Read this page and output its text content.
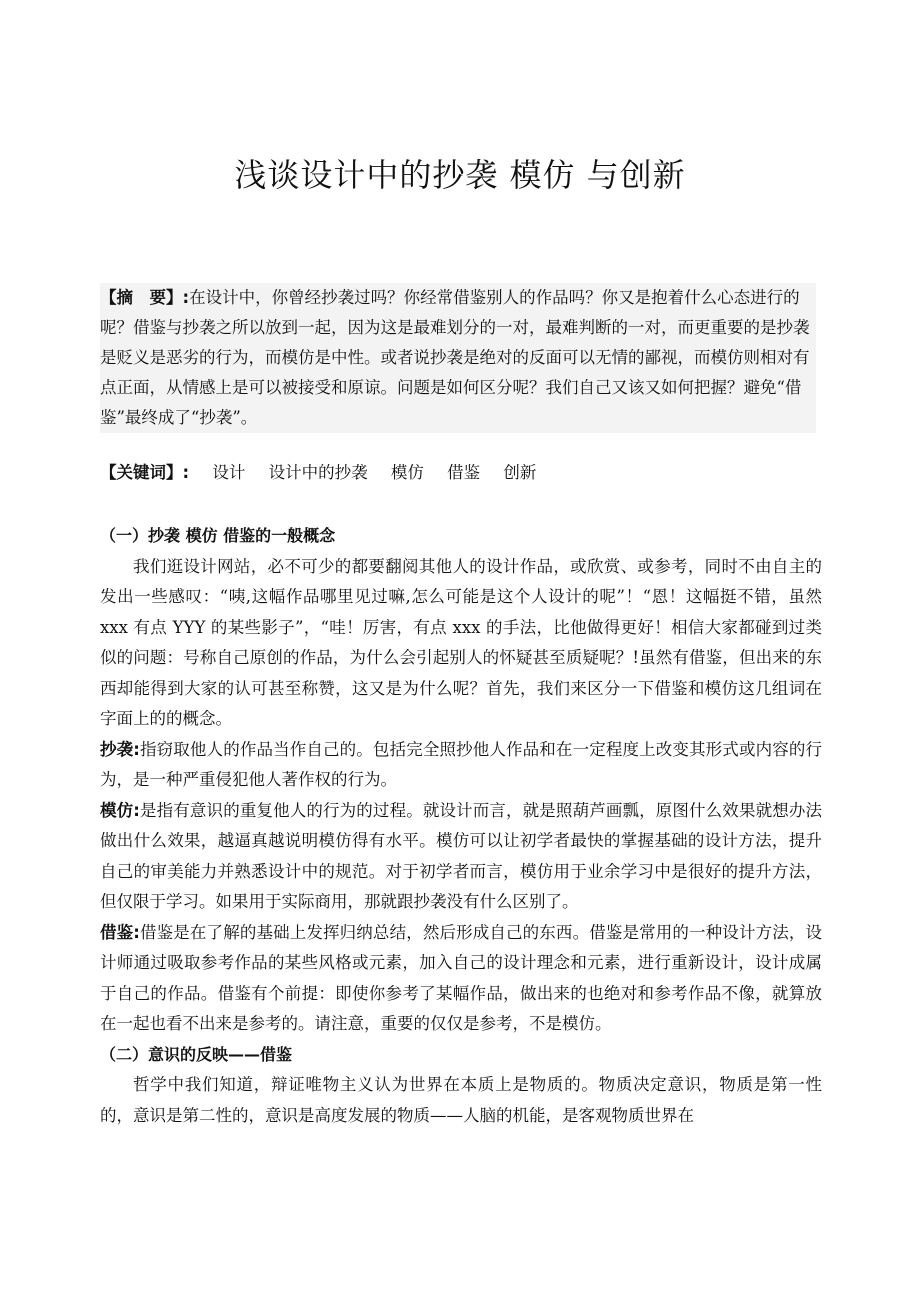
浅谈设计中的抄袭 模仿 与创新
【摘　要】:在设计中，你曾经抄袭过吗？你经常借鉴别人的作品吗？你又是抱着什么心态进行的呢？借鉴与抄袭之所以放到一起，因为这是最难划分的一对，最难判断的一对，而更重要的是抄袭是贬义是恶劣的行为，而模仿是中性。或者说抄袭是绝对的反面可以无情的鄙视，而模仿则相对有点正面，从情感上是可以被接受和原谅。问题是如何区分呢？我们自己又该又如何把握？避免“借鉴”最终成了“抄袭”。
【关键词】: 设计 设计中的抄袭 模仿 借鉴 创新

（一）抄袭 模仿 借鉴的一般概念

我们逛设计网站，必不可少的都要翻阅其他人的设计作品，或欣赏、或参考，同时不由自主的发出一些感叹：“咦,这幅作品哪里见过嘛,怎么可能是这个人设计的呢”！“恩！这幅挺不错，虽然 xxx 有点 YYY 的某些影子”，“哇！厉害，有点 xxx 的手法，比他做得更好！相信大家都碰到过类似的问题：号称自己原创的作品，为什么会引起别人的怀疑甚至质疑呢？!虽然有借鉴，但出来的东西却能得到大家的认可甚至称赞，这又是为什么呢？首先，我们来区分一下借鉴和模仿这几组词在字面上的的概念。

抄袭:指窃取他人的作品当作自己的。包括完全照抄他人作品和在一定程度上改变其形式或内容的行为，是一种严重侵犯他人著作权的行为。

模仿:是指有意识的重复他人的行为的过程。就设计而言，就是照葫芦画瓢，原图什么效果就想办法做出什么效果，越逼真越说明模仿得有水平。模仿可以让初学者最快的掌握基础的设计方法，提升自己的审美能力并熟悉设计中的规范。对于初学者而言，模仿用于业余学习中是很好的提升方法，但仅限于学习。如果用于实际商用，那就跟抄袭没有什么区别了。

借鉴:借鉴是在了解的基础上发挥归纳总结，然后形成自己的东西。借鉴是常用的一种设计方法，设计师通过吸取参考作品的某些风格或元素，加入自己的设计理念和元素，进行重新设计，设计成属于自己的作品。借鉴有个前提：即使你参考了某幅作品，做出来的也绝对和参考作品不像，就算放在一起也看不出来是参考的。请注意，重要的仅仅是参考，不是模仿。

（二）意识的反映——借鉴

哲学中我们知道，辩证唯物主义认为世界在本质上是物质的。物质决定意识，物质是第一性的，意识是第二性的，意识是高度发展的物质——人脑的机能，是客观物质世界在
